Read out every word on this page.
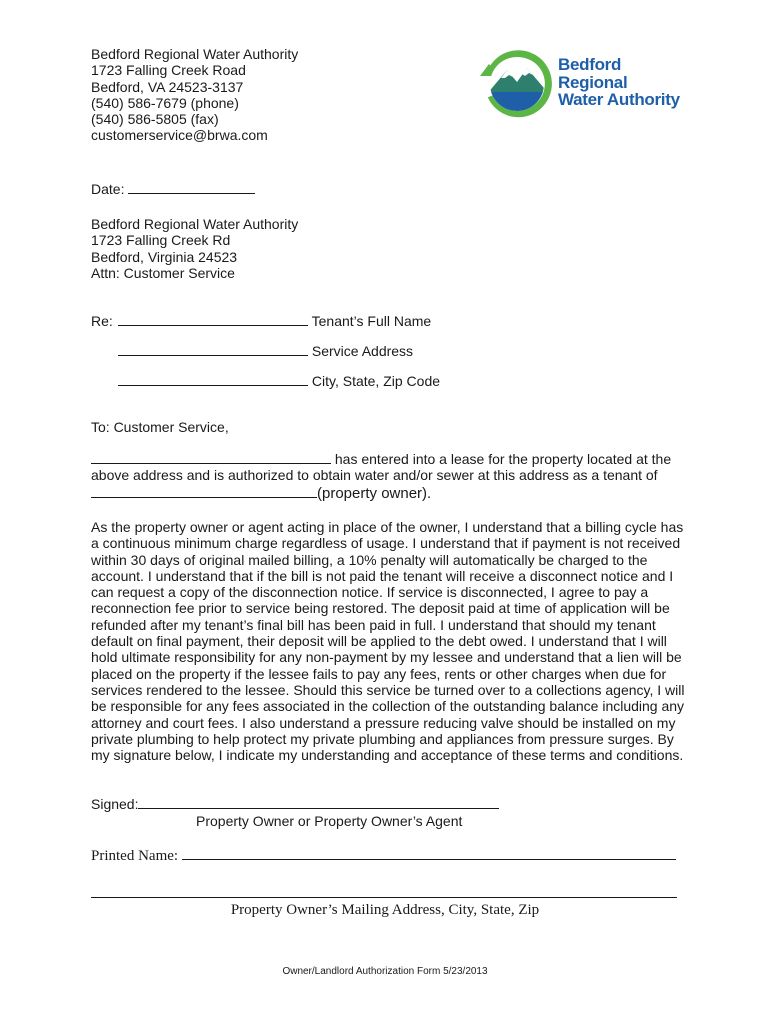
Bedford Regional Water Authority
1723 Falling Creek Road
Bedford, VA 24523-3137
(540) 586-7679 (phone)
(540) 586-5805 (fax)
customerservice@brwa.com
Bedford
Regional
Water Authority
Date:
Bedford Regional Water Authority
1723 Falling Creek Rd
Bedford, Virginia 24523
Attn: Customer Service
Re:	Tenant’s Full Name
Service Address
City, State, Zip Code
To: Customer Service,
has entered into a lease for the property located at the
above address and is authorized to obtain water and/or sewer at this address as a tenant of
(property owner).
As the property owner or agent acting in place of the owner, I understand that a billing cycle has
a continuous minimum charge regardless of usage. I understand that if payment is not received
within 30 days of original mailed billing, a 10% penalty will automatically be charged to the
account. I understand that if the bill is not paid the tenant will receive a disconnect notice and I
can request a copy of the disconnection notice. If service is disconnected, I agree to pay a
reconnection fee prior to service being restored. The deposit paid at time of application will be
refunded after my tenant’s final bill has been paid in full. I understand that should my tenant
default on final payment, their deposit will be applied to the debt owed. I understand that I will
hold ultimate responsibility for any non-payment by my lessee and understand that a lien will be
placed on the property if the lessee fails to pay any fees, rents or other charges when due for
services rendered to the lessee. Should this service be turned over to a collections agency, I will
be responsible for any fees associated in the collection of the outstanding balance including any
attorney and court fees. I also understand a pressure reducing valve should be installed on my
private plumbing to help protect my private plumbing and appliances from pressure surges. By
my signature below, I indicate my understanding and acceptance of these terms and conditions.
Signed:
Property Owner or Property Owner’s Agent
Printed Name:
Property Owner’s Mailing Address, City, State, Zip
Owner/Landlord Authorization Form 5/23/2013
